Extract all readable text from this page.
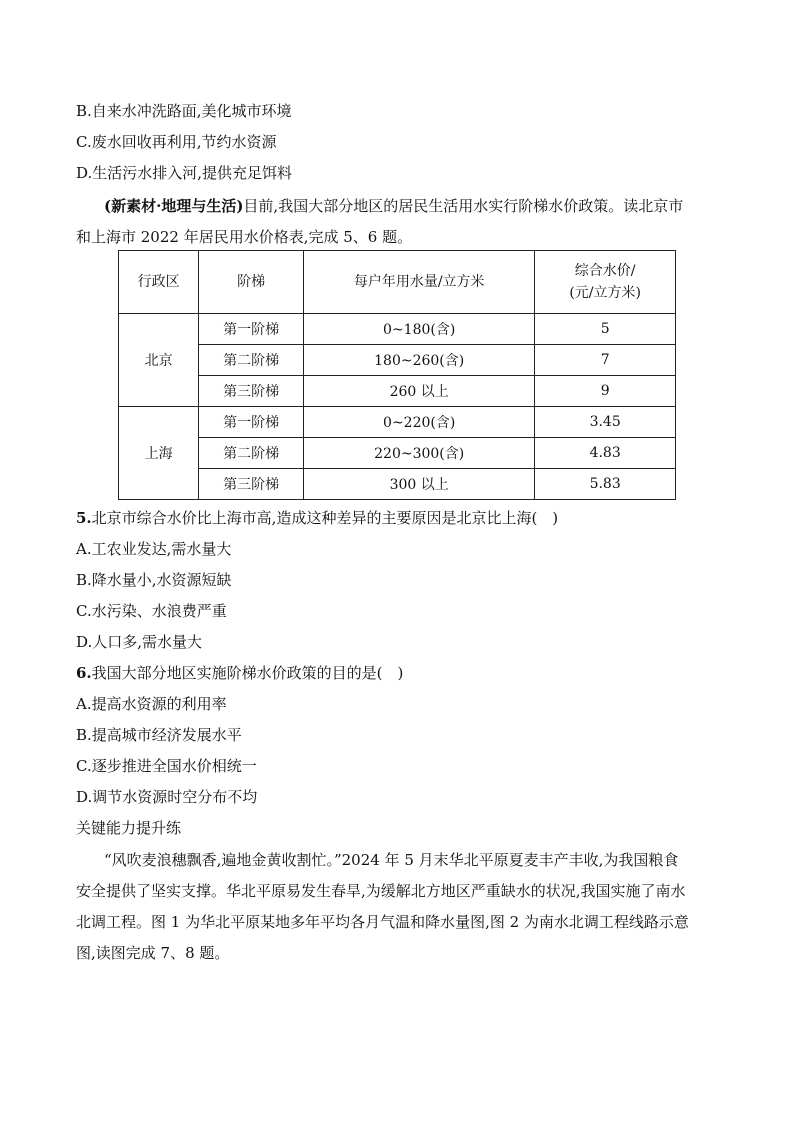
B.自来水冲洗路面,美化城市环境
C.废水回收再利用,节约水资源
D.生活污水排入河,提供充足饵料
(新素材·地理与生活)目前,我国大部分地区的居民生活用水实行阶梯水价政策。读北京市
和上海市 2022 年居民用水价格表,完成 5、6 题。
行政区	阶梯	每户年用水量/立方米	综合水价/
(元/立方米)
北京	第一阶梯	0~180(含)	5
	第二阶梯	180~260(含)	7
	第三阶梯	260 以上	9
上海	第一阶梯	0~220(含)	3.45
	第二阶梯	220~300(含)	4.83
	第三阶梯	300 以上	5.83
5.北京市综合水价比上海市高,造成这种差异的主要原因是北京比上海(　)
A.工农业发达,需水量大
B.降水量小,水资源短缺
C.水污染、水浪费严重
D.人口多,需水量大
6.我国大部分地区实施阶梯水价政策的目的是(　)
A.提高水资源的利用率
B.提高城市经济发展水平
C.逐步推进全国水价相统一
D.调节水资源时空分布不均
关键能力提升练
“风吹麦浪穗飘香,遍地金黄收割忙。”2024 年 5 月末华北平原夏麦丰产丰收,为我国粮食
安全提供了坚实支撑。华北平原易发生春旱,为缓解北方地区严重缺水的状况,我国实施了南水
北调工程。图 1 为华北平原某地多年平均各月气温和降水量图,图 2 为南水北调工程线路示意
图,读图完成 7、8 题。
